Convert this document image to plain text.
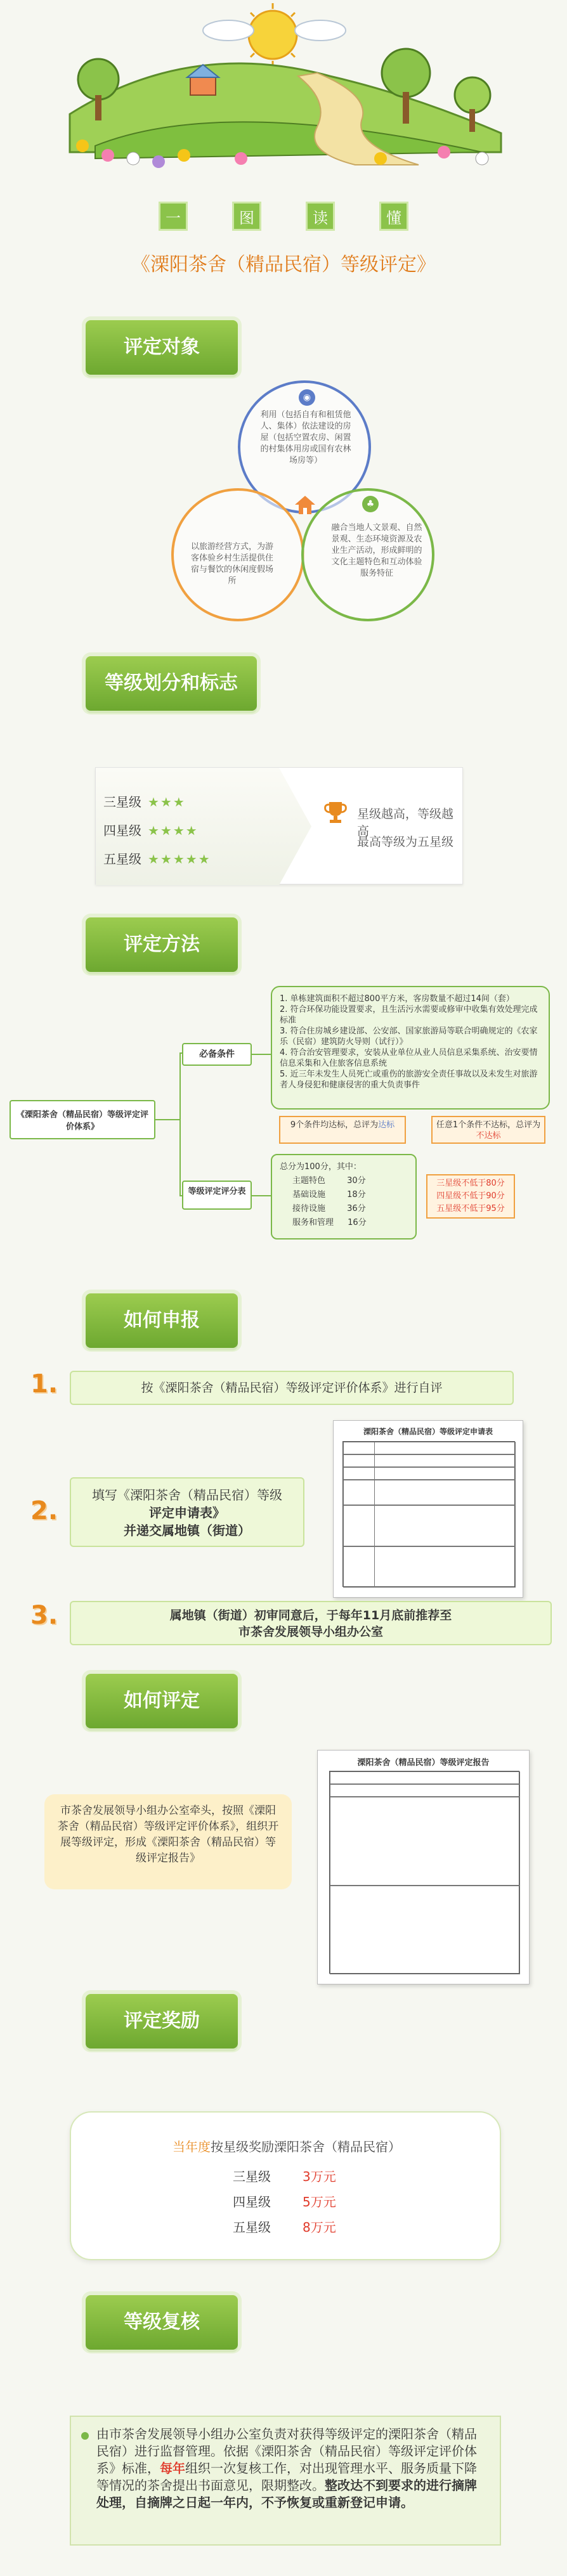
一	图	读	懂
《溧阳茶舍（精品民宿）等级评定》
评定对象
◉
利用（包括自有和租赁他人、集体）依法建设的房屋（包括空置农房、闲置的村集体用房或国有农林场房等）
以旅游经营方式，为游客体验乡村生活提供住宿与餐饮的休闲度假场所
♣
融合当地人文景观、自然景观、生态环境资源及农业生产活动，形成鲜明的文化主题特色和互动体验服务特征
等级划分和标志
三星级 ★★★
四星级 ★★★★
五星级 ★★★★★
星级越高，等级越高
最高等级为五星级
评定方法
《溧阳茶舍（精品民宿）等级评定评价体系》
必备条件
1. 单栋建筑面积不超过800平方米，客房数量不超过14间（套）
2. 符合环保功能设置要求，且生活污水需要或修审中收集有效处理完成标准
3. 符合住房城乡建设部、公安部、国家旅游局等联合明确规定的《农家乐（民宿）建筑防火导则（试行）》
4. 符合治安管理要求，安装从业单位从业人员信息采集系统、治安要情信息采集和入住旅客信息系统
5. 近三年未发生人员死亡或重伤的旅游安全责任事故以及未发生对旅游者人身侵犯和健康侵害的重大负责事件
9个条件均达标，总评为达标	任意1个条件不达标，总评为不达标
等级评定评分表
总分为100分，其中：
主题特色	30分
基础设施	18分
接待设施	36分
服务和管理 16分
三星级不低于80分
四星级不低于90分
五星级不低于95分
如何申报
1.	按《溧阳茶舍（精品民宿）等级评定评价体系》进行自评
2.
填写《溧阳茶舍（精品民宿）等级
评定申请表》
并递交属地镇（街道）
溧阳茶舍（精品民宿）等级评定申请表
3.	属地镇（街道）初审同意后，于每年11月底前推荐至
市茶舍发展领导小组办公室
如何评定
市茶舍发展领导小组办公室牵头，按照《溧阳茶舍（精品民宿）等级评定评价体系》，组织开展等级评定，形成《溧阳茶舍（精品民宿）等级评定报告》
溧阳茶舍（精品民宿）等级评定报告
评定奖励
当年度按星级奖励溧阳茶舍（精品民宿）
三星级	3万元
四星级	5万元
五星级	8万元
等级复核
由市茶舍发展领导小组办公室负责对获得等级评定的溧阳茶舍（精品民宿）进行监督管理。依据《溧阳茶舍（精品民宿）等级评定评价体系》标准，每年组织一次复核工作，对出现管理水平、服务质量下降等情况的茶舍提出书面意见，限期整改。整改达不到要求的进行摘牌处理，自摘牌之日起一年内，不予恢复或重新登记申请。
